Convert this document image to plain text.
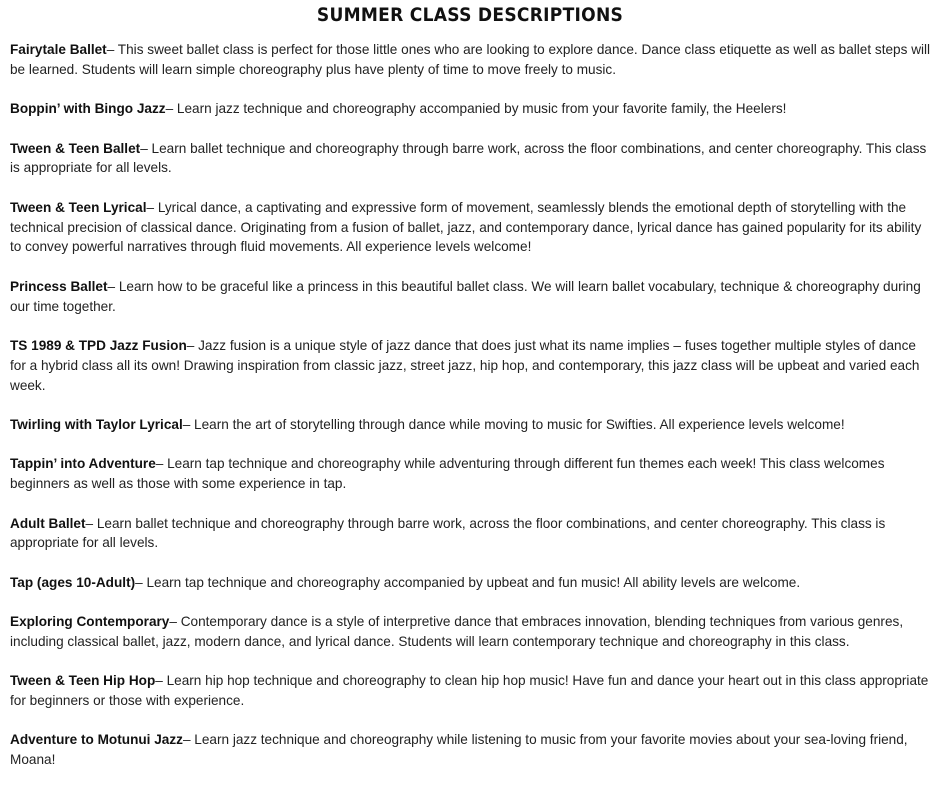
SUMMER CLASS DESCRIPTIONS

Fairytale Ballet– This sweet ballet class is perfect for those little ones who are looking to explore dance. Dance class etiquette as well as ballet steps will be learned. Students will learn simple choreography plus have plenty of time to move freely to music.

Boppin’ with Bingo Jazz– Learn jazz technique and choreography accompanied by music from your favorite family, the Heelers!

Tween & Teen Ballet– Learn ballet technique and choreography through barre work, across the floor combinations, and center choreography. This class is appropriate for all levels.

Tween & Teen Lyrical– Lyrical dance, a captivating and expressive form of movement, seamlessly blends the emotional depth of storytelling with the technical precision of classical dance. Originating from a fusion of ballet, jazz, and contemporary dance, lyrical dance has gained popularity for its ability to convey powerful narratives through fluid movements. All experience levels welcome!

Princess Ballet– Learn how to be graceful like a princess in this beautiful ballet class. We will learn ballet vocabulary, technique & choreography during our time together.

TS 1989 & TPD Jazz Fusion– Jazz fusion is a unique style of jazz dance that does just what its name implies – fuses together multiple styles of dance for a hybrid class all its own! Drawing inspiration from classic jazz, street jazz, hip hop, and contemporary, this jazz class will be upbeat and varied each week.

Twirling with Taylor Lyrical– Learn the art of storytelling through dance while moving to music for Swifties. All experience levels welcome!

Tappin’ into Adventure– Learn tap technique and choreography while adventuring through different fun themes each week! This class welcomes beginners as well as those with some experience in tap.

Adult Ballet– Learn ballet technique and choreography through barre work, across the floor combinations, and center choreography. This class is appropriate for all levels.

Tap (ages 10-Adult)– Learn tap technique and choreography accompanied by upbeat and fun music! All ability levels are welcome.

Exploring Contemporary– Contemporary dance is a style of interpretive dance that embraces innovation, blending techniques from various genres, including classical ballet, jazz, modern dance, and lyrical dance. Students will learn contemporary technique and choreography in this class.

Tween & Teen Hip Hop– Learn hip hop technique and choreography to clean hip hop music! Have fun and dance your heart out in this class appropriate for beginners or those with experience.

Adventure to Motunui Jazz– Learn jazz technique and choreography while listening to music from your favorite movies about your sea-loving friend, Moana!
